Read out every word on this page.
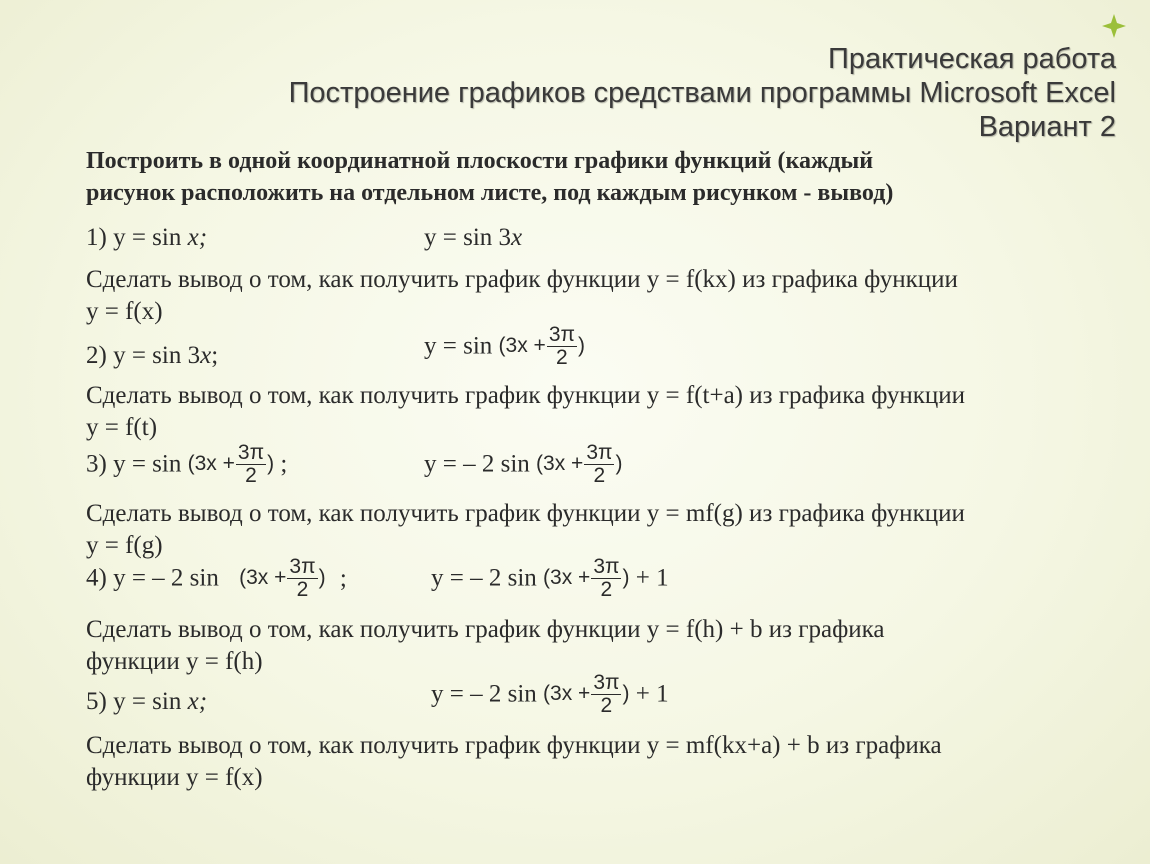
Практическая работа
Построение графиков средствами программы Microsoft Excel
Вариант 2
Построить в одной координатной плоскости графики функций (каждый
рисунок расположить на отдельном листе, под каждым рисунком - вывод)
1) y = sin x;	y = sin 3x
Сделать вывод о том, как получить график функции y = f(kx) из графика функции
y = f(x)
2) y = sin 3x;	$y = \sin (3x + \frac{3\pi}{2}$ )
Сделать вывод о том, как получить график функции y = f(t+a) из графика функции
y = f(t)
3) $y = \sin (3x + \frac{3\pi}{2}$ ) ;	y = – 2 $\sin (3x + \frac{3\pi}{2}$ )
Сделать вывод о том, как получить график функции y = mf(g) из графика функции
y = f(g)
4) y = – 2 $\sin (3x + \frac{3\pi}{2}$ ) ;	y = – 2 $\sin (3x + \frac{3\pi}{2}$ ) + 1
Сделать вывод о том, как получить график функции y = f(h) + b из графика
функции y = f(h)
5) y = sin x;	y = – 2 $\sin (3x + \frac{3\pi}{2}$ ) + 1
Сделать вывод о том, как получить график функции y = mf(kx+a) + b из графика
функции y = f(x)
